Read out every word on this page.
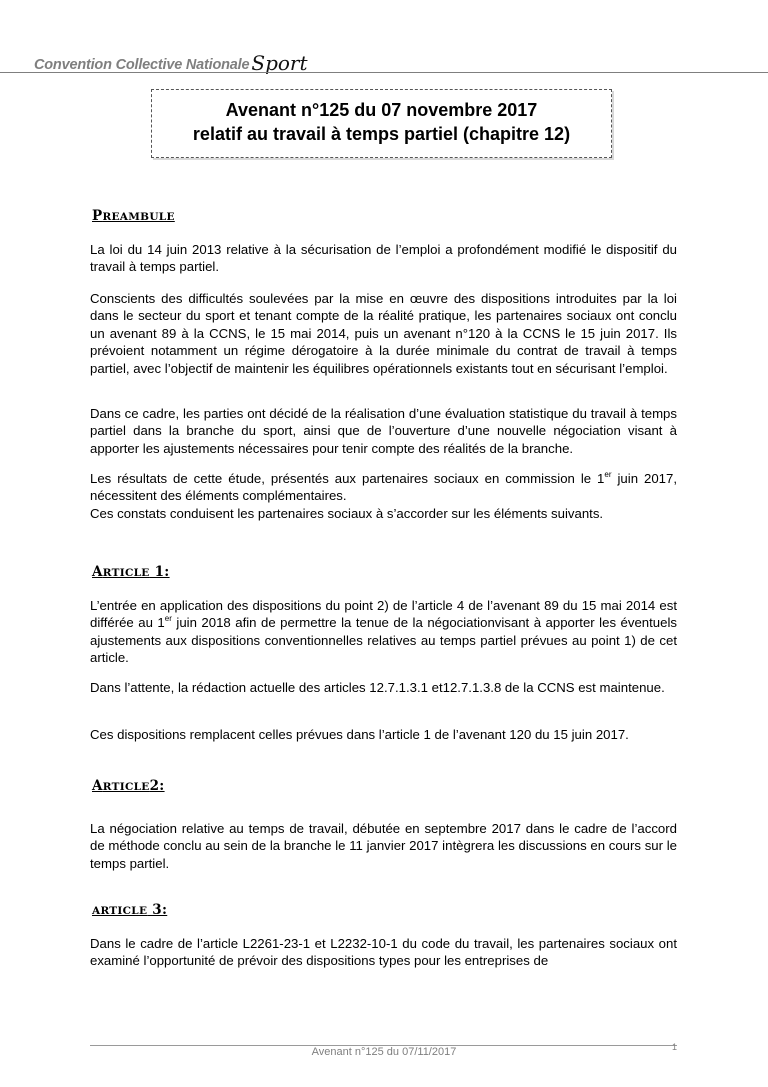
Convention Collective Nationale Sport
Avenant n°125 du 07 novembre 2017
relatif au travail à temps partiel (chapitre 12)
PREAMBULE

La loi du 14 juin 2013 relative à la sécurisation de l’emploi a profondément modifié le dispositif du travail à temps partiel.

Conscients des difficultés soulevées par la mise en œuvre des dispositions introduites par la loi dans le secteur du sport et tenant compte de la réalité pratique, les partenaires sociaux ont conclu un avenant 89 à la CCNS, le 15 mai 2014, puis un avenant n°120 à la CCNS le 15 juin 2017. Ils prévoient notamment un régime dérogatoire à la durée minimale du contrat de travail à temps partiel, avec l’objectif de maintenir les équilibres opérationnels existants tout en sécurisant l’emploi.

Dans ce cadre, les parties ont décidé de la réalisation d’une évaluation statistique du travail à temps partiel dans la branche du sport, ainsi que de l’ouverture d’une nouvelle négociation visant à apporter les ajustements nécessaires pour tenir compte des réalités de la branche.

Les résultats de cette étude, présentés aux partenaires sociaux en commission le 1er juin 2017, nécessitent des éléments complémentaires.
Ces constats conduisent les partenaires sociaux à s’accorder sur les éléments suivants.

ARTICLE 1:

L’entrée en application des dispositions du point 2) de l’article 4 de l’avenant 89 du 15 mai 2014 est différée au 1er juin 2018 afin de permettre la tenue de la négociationvisant à apporter les éventuels ajustements aux dispositions conventionnelles relatives au temps partiel prévues au point 1) de cet article.

Dans l’attente, la rédaction actuelle des articles 12.7.1.3.1 et12.7.1.3.8 de la CCNS est maintenue.

Ces dispositions remplacent celles prévues dans l’article 1 de l’avenant 120 du 15 juin 2017.

ARTICLE2:

La négociation relative au temps de travail, débutée en septembre 2017 dans le cadre de l’accord de méthode conclu au sein de la branche le 11 janvier 2017 intègrera les discussions en cours sur le temps partiel.

ARTICLE 3:

Dans le cadre de l’article L2261-23-1 et L2232-10-1 du code du travail, les partenaires sociaux ont examiné l’opportunité de prévoir des dispositions types pour les entreprises de

Avenant n°125 du 07/11/2017	1
